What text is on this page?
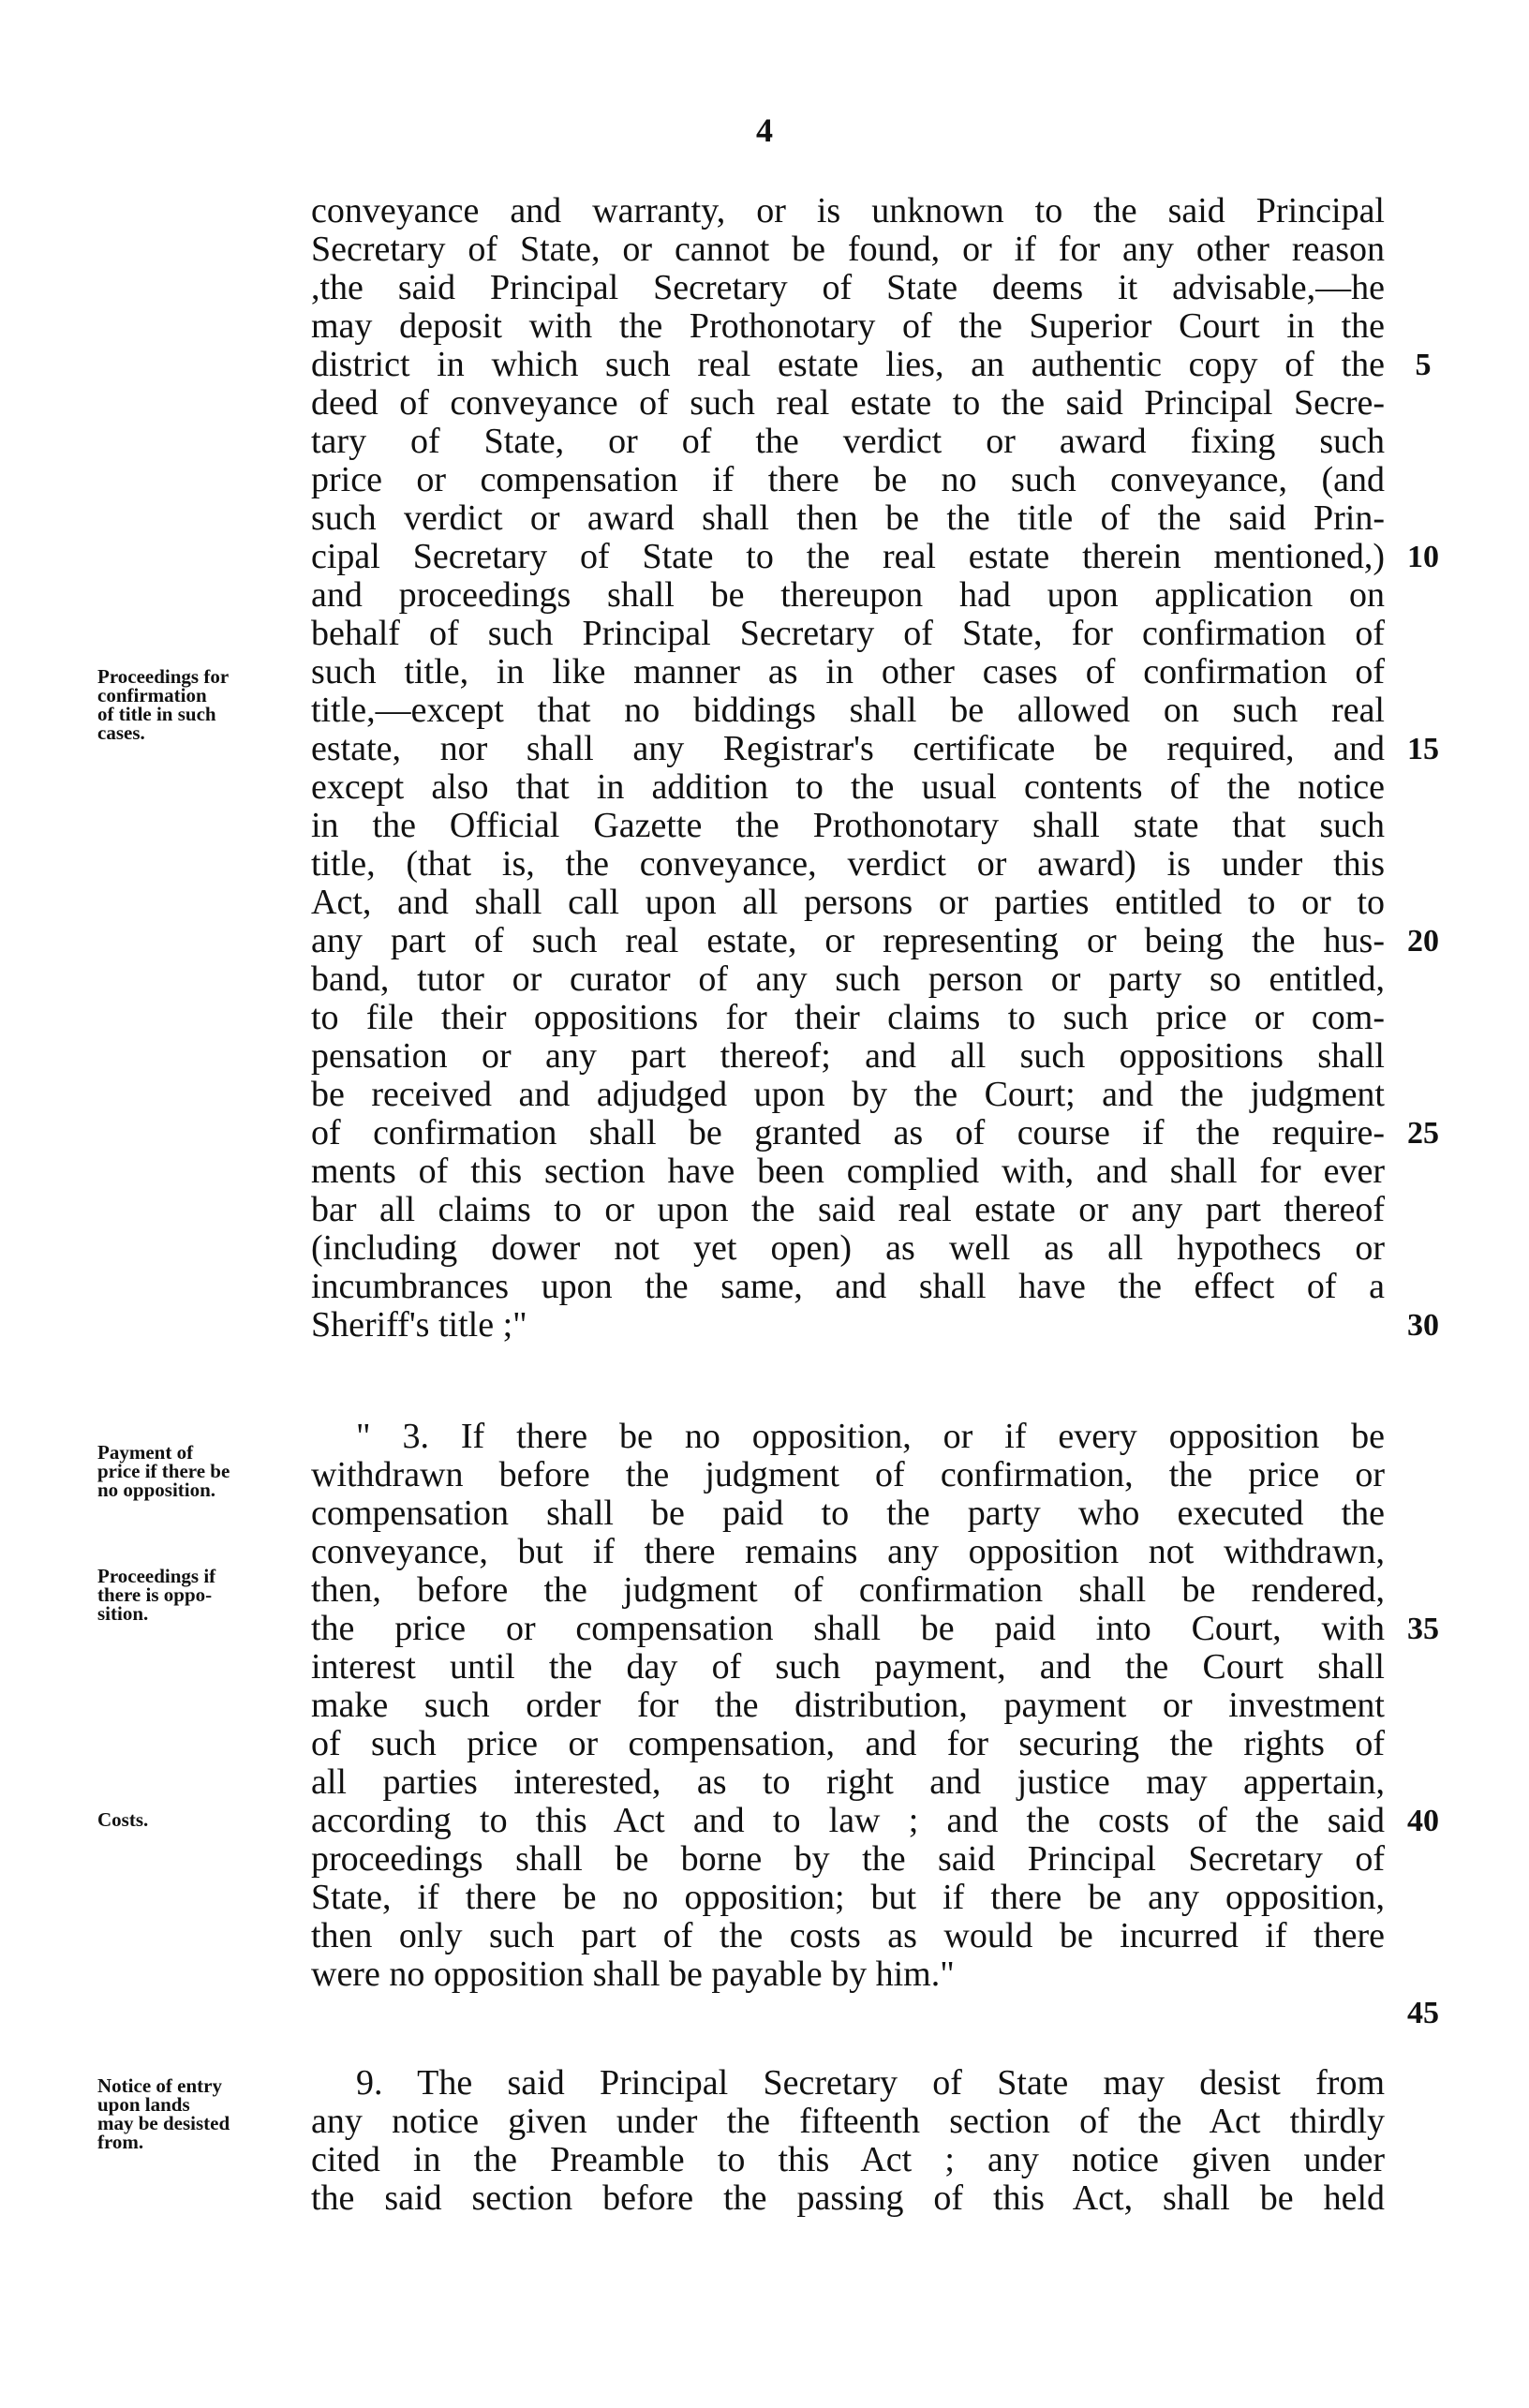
4
conveyance and warranty, or is unknown to the said Principal
Secretary of State, or cannot be found, or if for any other reason
,the said Principal Secretary of State deems it advisable,—he
may deposit with the Prothonotary of the Superior Court in the
district in which such real estate lies, an authentic copy of the
deed of conveyance of such real estate to the said Principal Secre-
tary of State, or of the verdict or award fixing such
price or compensation if there be no such conveyance, (and
such verdict or award shall then be the title of the said Prin-
cipal Secretary of State to the real estate therein mentioned,)
and proceedings shall be thereupon had upon application on
behalf of such Principal Secretary of State, for confirmation of
such title, in like manner as in other cases of confirmation of
title,—except that no biddings shall be allowed on such real
estate, nor shall any Registrar's certificate be required, and
except also that in addition to the usual contents of the notice
in the Official Gazette the Prothonotary shall state that such
title, (that is, the conveyance, verdict or award) is under this
Act, and shall call upon all persons or parties entitled to or to
any part of such real estate, or representing or being the hus-
band, tutor or curator of any such person or party so entitled,
to file their oppositions for their claims to such price or com-
pensation or any part thereof; and all such oppositions shall
be received and adjudged upon by the Court; and the judgment
of confirmation shall be granted as of course if the require-
ments of this section have been complied with, and shall for ever
bar all claims to or upon the said real estate or any part thereof
(including dower not yet open) as well as all hypothecs or
incumbrances upon the same, and shall have the effect of a
Sheriff's title ;"
" 3. If there be no opposition, or if every opposition be
withdrawn before the judgment of confirmation, the price or
compensation shall be paid to the party who executed the
conveyance, but if there remains any opposition not withdrawn,
then, before the judgment of confirmation shall be rendered,
the price or compensation shall be paid into Court, with
interest until the day of such payment, and the Court shall
make such order for the distribution, payment or investment
of such price or compensation, and for securing the rights of
all parties interested, as to right and justice may appertain,
according to this Act and to law ; and the costs of the said
proceedings shall be borne by the said Principal Secretary of
State, if there be no opposition; but if there be any opposition,
then only such part of the costs as would be incurred if there
were no opposition shall be payable by him."
9. The said Principal Secretary of State may desist from
any notice given under the fifteenth section of the Act thirdly
cited in the Preamble to this Act ; any notice given under
the said section before the passing of this Act, shall be held
5
10
15
20
25
30
35
40
45
Proceedings for
confirmation
of title in such
cases.
Payment of
price if there be
no opposition.
Proceedings if
there is oppo-
sition.
Costs.
Notice of entry
upon lands
may be desisted
from.
